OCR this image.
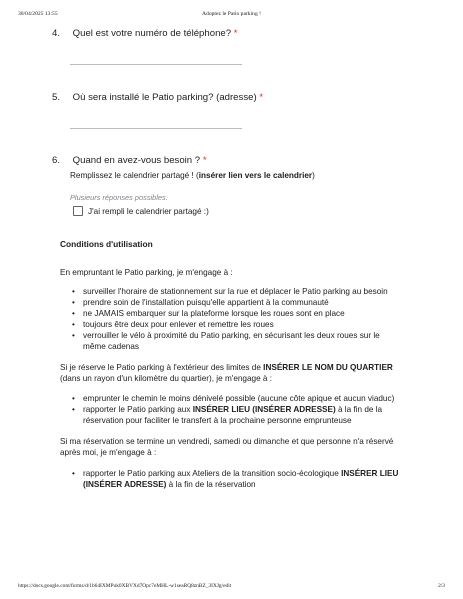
30/04/2025 13:55	Adoptez le Patio parking !
4. Quel est votre numéro de téléphone? *
5. Où sera installé le Patio parking? (adresse) *
6. Quand en avez-vous besoin ? *
Remplissez le calendrier partagé ! (insérer lien vers le calendrier)
Plusieurs réponses possibles.
J'ai rempli le calendrier partagé :)
Conditions d'utilisation
En empruntant le Patio parking, je m'engage à :
• surveiller l'horaire de stationnement sur la rue et déplacer le Patio parking au besoin
• prendre soin de l'installation puisqu'elle appartient à la communauté
• ne JAMAIS embarquer sur la plateforme lorsque les roues sont en place
• toujours être deux pour enlever et remettre les roues
• verrouiller le vélo à proximité du Patio parking, en sécurisant les deux roues sur le même cadenas
Si je réserve le Patio parking à l'extérieur des limites de INSÉRER LE NOM DU QUARTIER (dans un rayon d'un kilomètre du quartier), je m'engage à :
• emprunter le chemin le moins dénivelé possible (aucune côte apique et aucun viaduc)
• rapporter le Patio parking aux INSÉRER LIEU (INSÉRER ADRESSE) à la fin de la réservation pour faciliter le transfert à la prochaine personne emprunteuse
Si ma réservation se termine un vendredi, samedi ou dimanche et que personne n'a réservé après moi, je m'engage à :
• rapporter le Patio parking aux Ateliers de la transition socio-écologique INSÉRER LIEU (INSÉRER ADRESSE) à la fin de la réservation
https://docs.google.com/forms/d/1b64IXMPuk0XBVXd7Opc7eMHL-w1seaRQ8znBZ_3IXJg/edit	2/3
